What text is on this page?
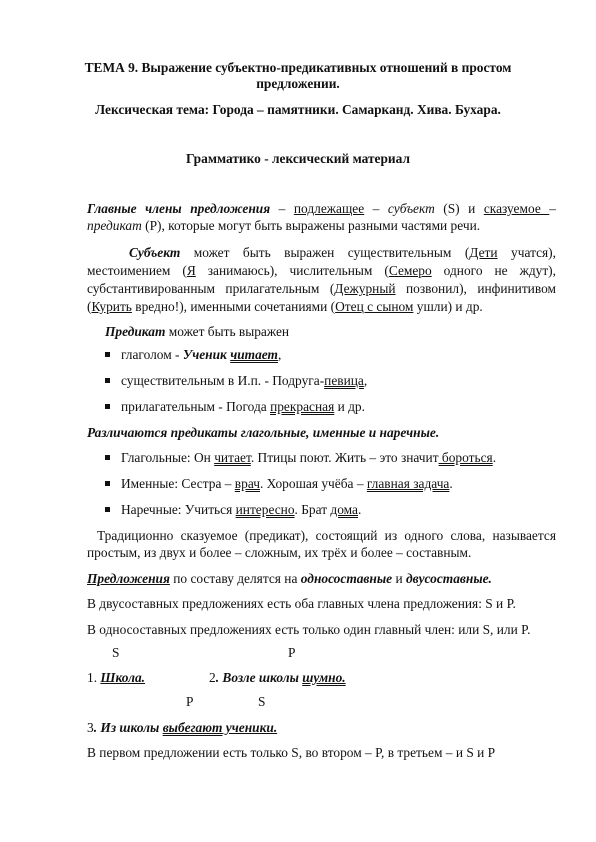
ТЕМА 9. Выражение субъектно-предикативных отношений в простом
предложении.
Лексическая тема: Города – памятники. Самарканд. Хива. Бухара.
Грамматико - лексический материал
Главные члены предложения – подлежащее – субъект (S) и сказуемое –
предикат (P), которые могут быть выражены разными частями речи.
Субъект может быть выражен существительным (Дети учатся),
местоимением (Я занимаюсь), числительным (Семеро одного не ждут),
субстантивированным прилагательным (Дежурный позвонил), инфинитивом
(Курить вредно!), именными сочетаниями (Отец с сыном ушли) и др.
Предикат может быть выражен
глаголом - Ученик читает,
существительным в И.п. - Подруга-певица,
прилагательным - Погода прекрасная и др.
Различаются предикаты глагольные, именные и наречные.
Глагольные: Он читает. Птицы поют. Жить – это значит бороться.
Именные: Сестра – врач. Хорошая учёба – главная задача.
Наречные: Учиться интересно. Брат дома.
Традиционно сказуемое (предикат), состоящий из одного слова, называется
простым, из двух и более – сложным, их трёх и более – составным.
Предложения по составу делятся на односоставные и двусоставные.
В двусоставных предложениях есть оба главных члена предложения: S и P.
В односоставных предложениях есть только один главный член: или S, или P.
S	P
1. Школа.	2. Возле школы шумно.
P	S
3. Из школы выбегают ученики.
В первом предложении есть только S, во втором – P, в третьем – и S и P
